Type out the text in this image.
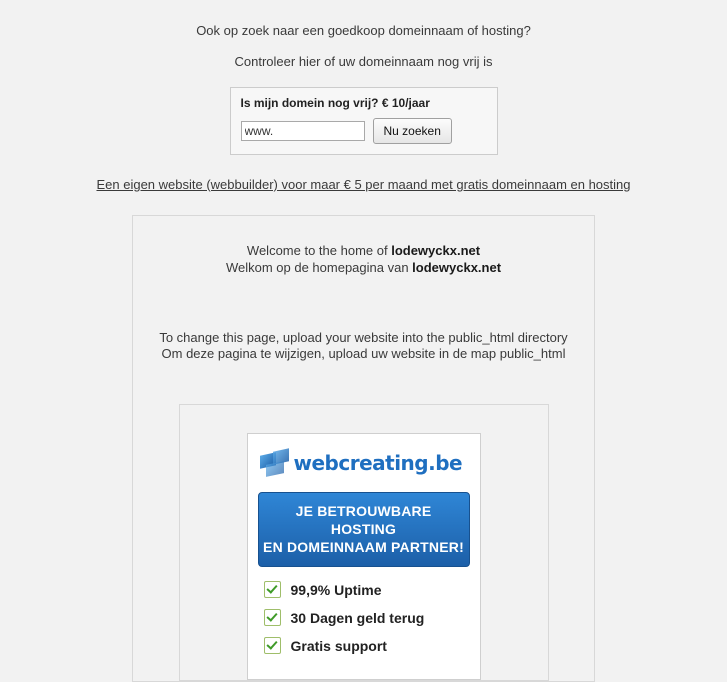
Ook op zoek naar een goedkoop domeinnaam of hosting?
Controleer hier of uw domeinnaam nog vrij is
Is mijn domein nog vrij? € 10/jaar
www.
Nu zoeken
Een eigen website (webbuilder) voor maar € 5 per maand met gratis domeinnaam en hosting
Welcome to the home of lodewyckx.net
Welkom op de homepagina van lodewyckx.net
To change this page, upload your website into the public_html directory
Om deze pagina te wijzigen, upload uw website in de map public_html
webcreating.be
JE BETROUWBARE HOSTING
EN DOMEINNAAM PARTNER!
99,9% Uptime
30 Dagen geld terug
Gratis support
